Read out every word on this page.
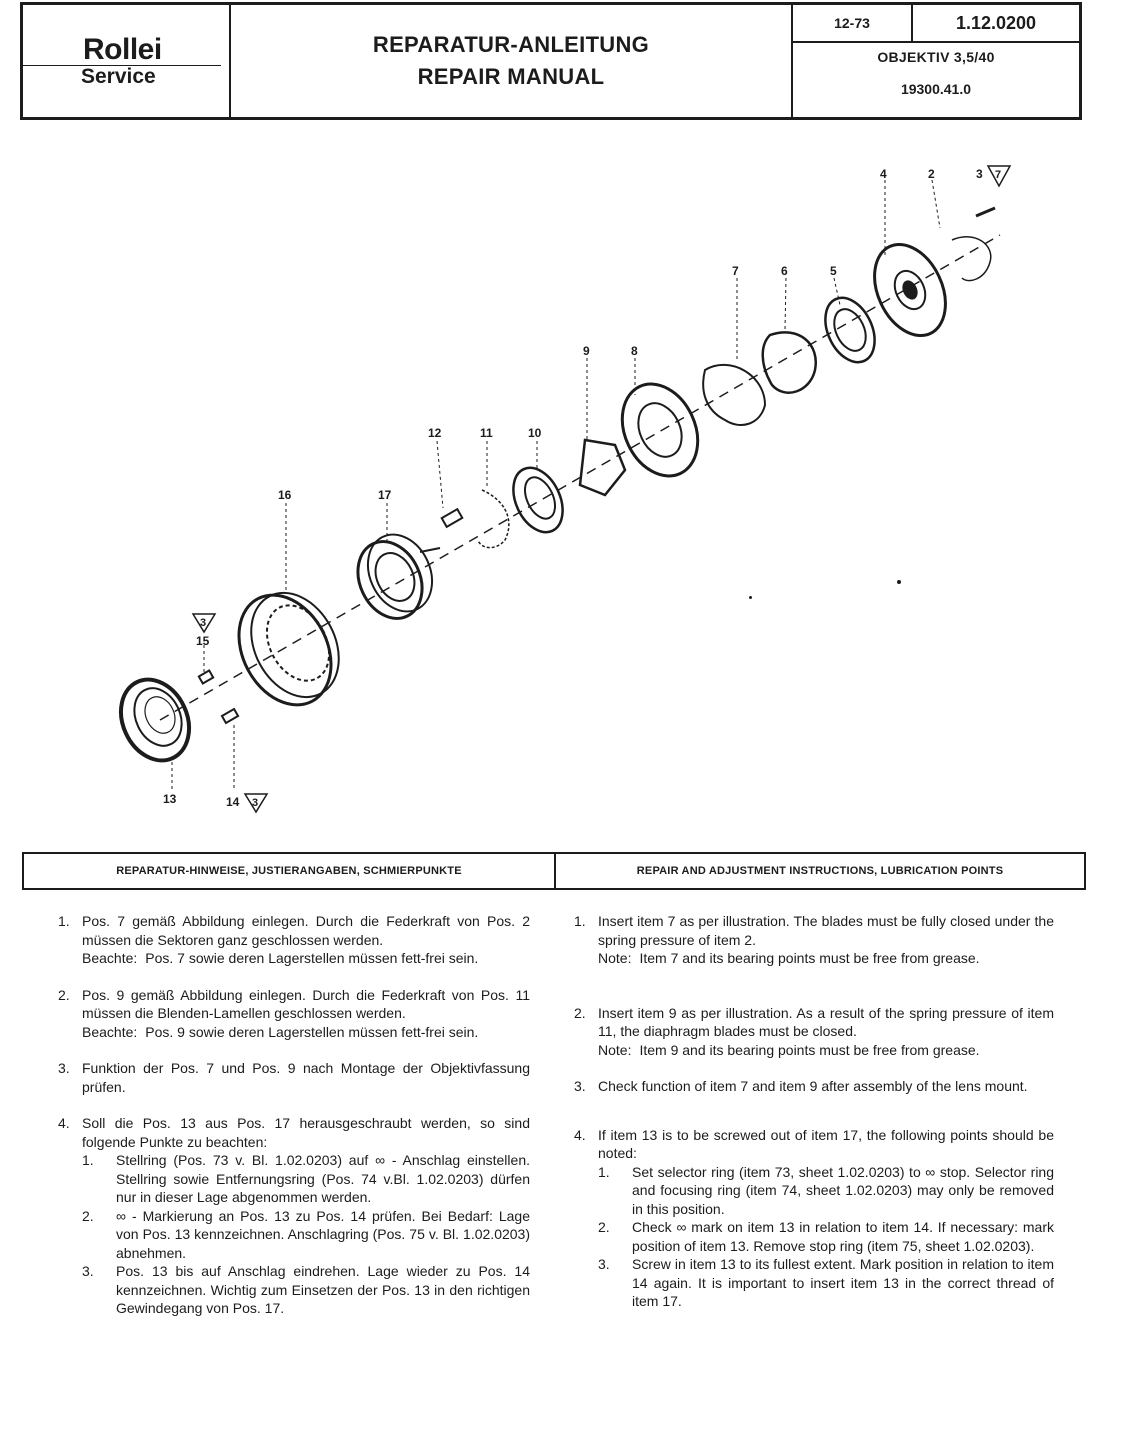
Rollei
Service
REPARATUR-ANLEITUNG
REPAIR MANUAL
12-73	1.12.0200
OBJEKTIV 3,5/40
19300.41.0
7
3
3
4	2	3
5
6
7
8
9
10
11
12
17
16
15
13	14
REPARATUR-HINWEISE, JUSTIERANGABEN, SCHMIERPUNKTE	REPAIR AND ADJUSTMENT INSTRUCTIONS, LUBRICATION POINTS
1. Pos. 7 gemäß Abbildung einlegen. Durch die Federkraft von Pos. 2 müssen die Sektoren ganz geschlossen werden.
Beachte: Pos. 7 sowie deren Lagerstellen müssen fett-frei sein.
2. Pos. 9 gemäß Abbildung einlegen. Durch die Federkraft von Pos. 11 müssen die Blenden-Lamellen geschlossen werden.
Beachte: Pos. 9 sowie deren Lagerstellen müssen fett-frei sein.
3. Funktion der Pos. 7 und Pos. 9 nach Montage der Objektivfassung prüfen.
4. Soll die Pos. 13 aus Pos. 17 herausgeschraubt werden, so sind folgende Punkte zu beachten:
1.	Stellring (Pos. 73 v. Bl. 1.02.0203) auf ∞ - Anschlag einstellen. Stellring sowie Entfernungsring (Pos. 74 v.Bl. 1.02.0203) dürfen nur in dieser Lage abgenommen werden.
2.	∞ - Markierung an Pos. 13 zu Pos. 14 prüfen. Bei Bedarf: Lage von Pos. 13 kennzeichnen. Anschlagring (Pos. 75 v. Bl. 1.02.0203) abnehmen.
3.	Pos. 13 bis auf Anschlag eindrehen. Lage wieder zu Pos. 14 kennzeichnen. Wichtig zum Einsetzen der Pos. 13 in den richtigen Gewindegang von Pos. 17.
1. Insert item 7 as per illustration. The blades must be fully closed under the spring pressure of item 2.
Note: Item 7 and its bearing points must be free from grease.
2. Insert item 9 as per illustration. As a result of the spring pressure of item 11, the diaphragm blades must be closed.
Note: Item 9 and its bearing points must be free from grease.
3. Check function of item 7 and item 9 after assembly of the lens mount.
4. If item 13 is to be screwed out of item 17, the following points should be noted:
1.	Set selector ring (item 73, sheet 1.02.0203) to ∞ stop. Selector ring and focusing ring (item 74, sheet 1.02.0203) may only be removed in this position.
2.	Check ∞ mark on item 13 in relation to item 14. If necessary: mark position of item 13. Remove stop ring (item 75, sheet 1.02.0203).
3.	Screw in item 13 to its fullest extent. Mark position in relation to item 14 again. It is important to insert item 13 in the correct thread of item 17.
